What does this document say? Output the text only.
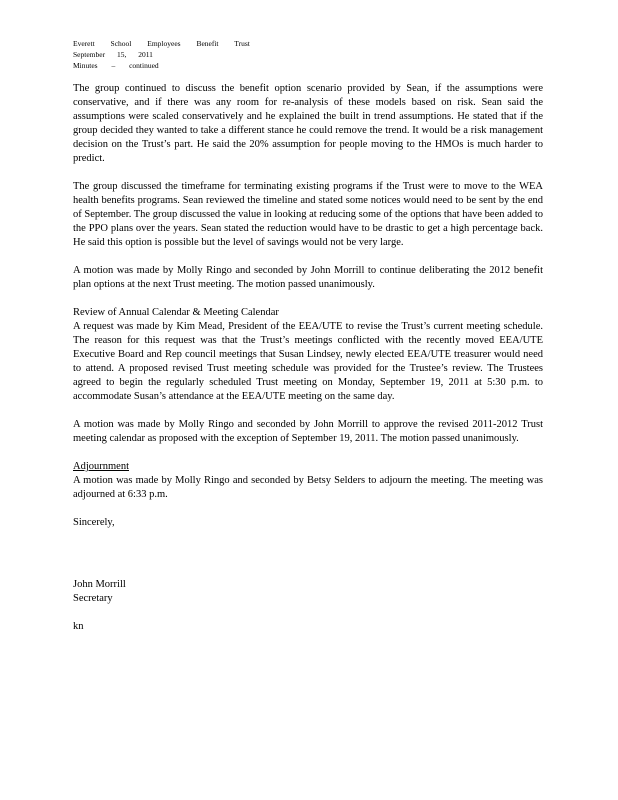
Everett School Employees Benefit Trust
September 15, 2011
Minutes – continued

The group continued to discuss the benefit option scenario provided by Sean, if the assumptions were conservative, and if there was any room for re-analysis of these models based on risk. Sean said the assumptions were scaled conservatively and he explained the built in trend assumptions. He stated that if the group decided they wanted to take a different stance he could remove the trend. It would be a risk management decision on the Trust’s part. He said the 20% assumption for people moving to the HMOs is much harder to predict.

The group discussed the timeframe for terminating existing programs if the Trust were to move to the WEA health benefits programs. Sean reviewed the timeline and stated some notices would need to be sent by the end of September. The group discussed the value in looking at reducing some of the options that have been added to the PPO plans over the years. Sean stated the reduction would have to be drastic to get a high percentage back. He said this option is possible but the level of savings would not be very large.

A motion was made by Molly Ringo and seconded by John Morrill to continue deliberating the 2012 benefit plan options at the next Trust meeting. The motion passed unanimously.

Review of Annual Calendar & Meeting Calendar

A request was made by Kim Mead, President of the EEA/UTE to revise the Trust’s current meeting schedule. The reason for this request was that the Trust’s meetings conflicted with the recently moved EEA/UTE Executive Board and Rep council meetings that Susan Lindsey, newly elected EEA/UTE treasurer would need to attend. A proposed revised Trust meeting schedule was provided for the Trustee’s review. The Trustees agreed to begin the regularly scheduled Trust meeting on Monday, September 19, 2011 at 5:30 p.m. to accommodate Susan’s attendance at the EEA/UTE meeting on the same day.

A motion was made by Molly Ringo and seconded by John Morrill to approve the revised 2011-2012 Trust meeting calendar as proposed with the exception of September 19, 2011. The motion passed unanimously.

Adjournment

A motion was made by Molly Ringo and seconded by Betsy Selders to adjourn the meeting. The meeting was adjourned at 6:33 p.m.

Sincerely,
John Morrill
Secretary
kn
